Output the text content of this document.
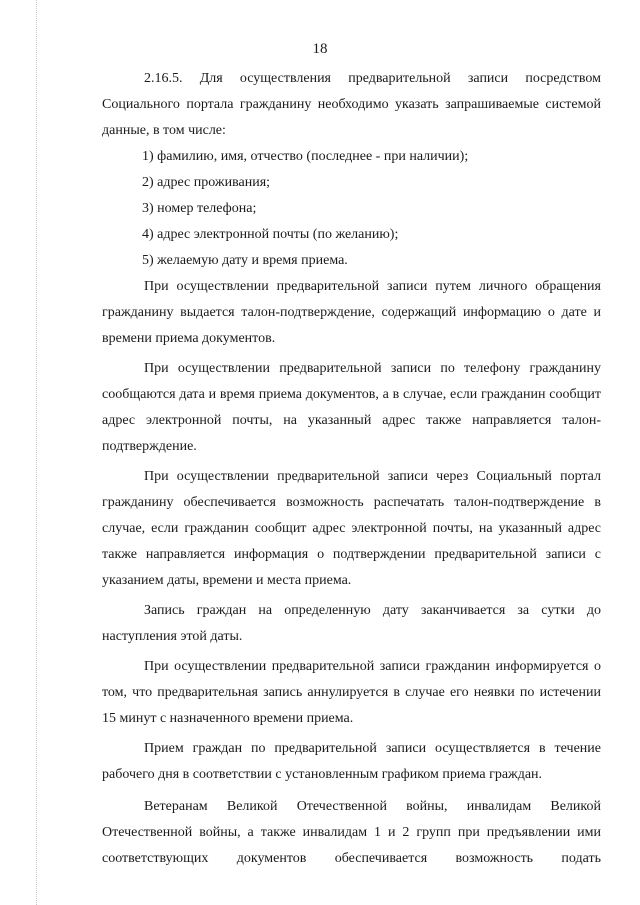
18

2.16.5. Для осуществления предварительной записи посредством Социального портала гражданину необходимо указать запрашиваемые системой данные, в том числе:

1) фамилию, имя, отчество (последнее - при наличии);
2) адрес проживания;
3) номер телефона;
4) адрес электронной почты (по желанию);
5) желаемую дату и время приема.

При осуществлении предварительной записи путем личного обращения гражданину выдается талон-подтверждение, содержащий информацию о дате и времени приема документов.

При осуществлении предварительной записи по телефону гражданину сообщаются дата и время приема документов, а в случае, если гражданин сообщит адрес электронной почты, на указанный адрес также направляется талон-подтверждение.

При осуществлении предварительной записи через Социальный портал гражданину обеспечивается возможность распечатать талон-подтверждение в случае, если гражданин сообщит адрес электронной почты, на указанный адрес также направляется информация о подтверждении предварительной записи с указанием даты, времени и места приема.

Запись граждан на определенную дату заканчивается за сутки до наступления этой даты.

При осуществлении предварительной записи гражданин информируется о том, что предварительная запись аннулируется в случае его неявки по истечении 15 минут с назначенного времени приема.

Прием граждан по предварительной записи осуществляется в течение рабочего дня в соответствии с установленным графиком приема граждан.

Ветеранам Великой Отечественной войны, инвалидам Великой Отечественной войны, а также инвалидам 1 и 2 групп при предъявлении ими соответствующих документов обеспечивается возможность подать
